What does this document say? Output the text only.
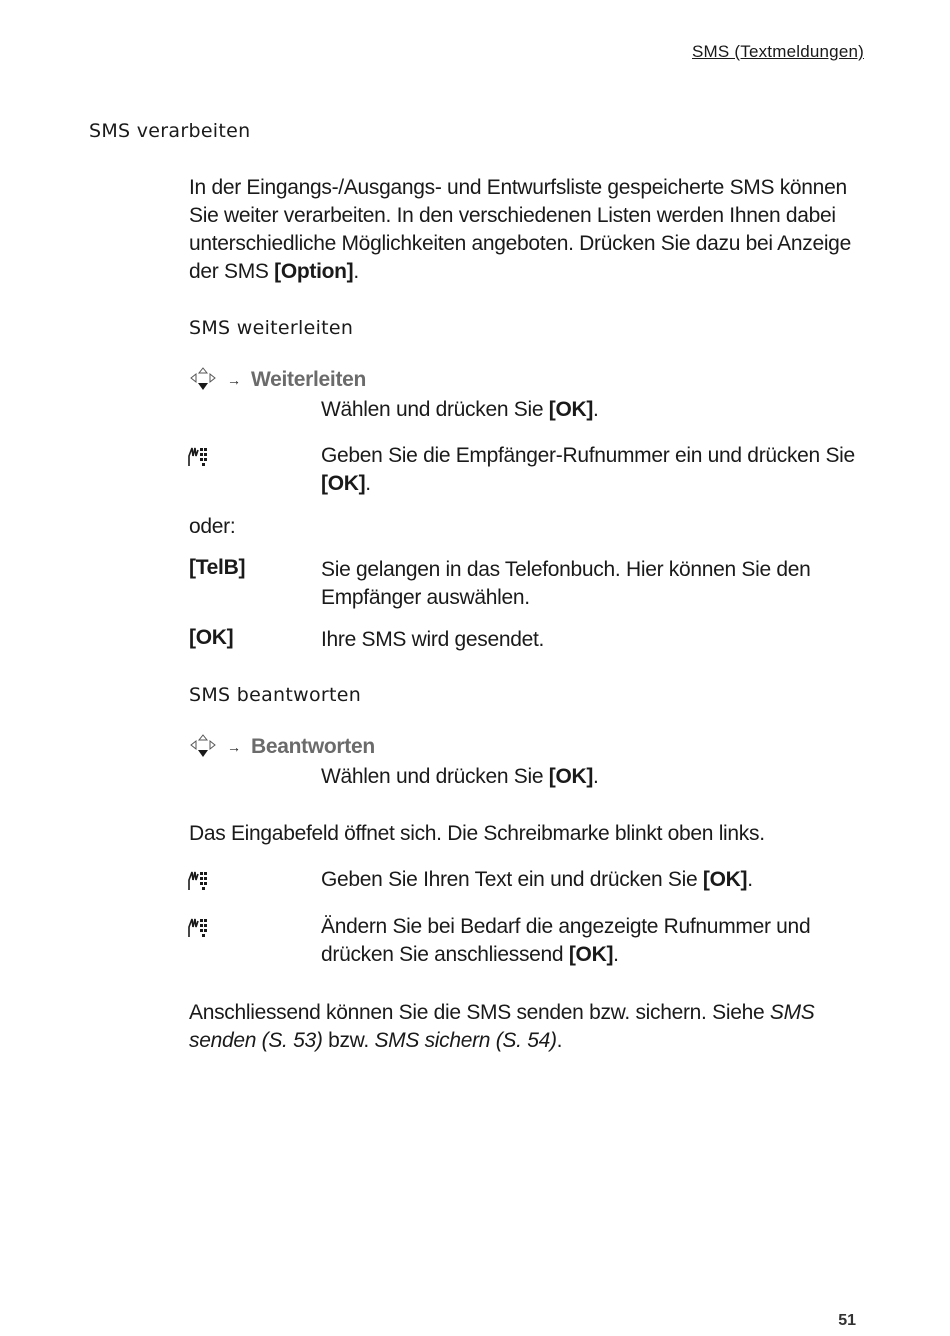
SMS (Textmeldungen)
SMS verarbeiten
In der Eingangs-/Ausgangs- und Entwurfsliste gespeicherte SMS können Sie weiter verarbeiten. In den verschiedenen Listen werden Ihnen dabei unterschiedliche Möglichkeiten angeboten. Drücken Sie dazu bei Anzeige der SMS [Option].
SMS weiterleiten
→ Weiterleiten
Wählen und drücken Sie [OK].
Geben Sie die Empfänger-Rufnummer ein und drücken Sie [OK].
oder:
[TelB]	Sie gelangen in das Telefonbuch. Hier können Sie den Empfänger auswählen.
[OK]	Ihre SMS wird gesendet.
SMS beantworten
→ Beantworten
Wählen und drücken Sie [OK].
Das Eingabefeld öffnet sich. Die Schreibmarke blinkt oben links.
Geben Sie Ihren Text ein und drücken Sie [OK].
Ändern Sie bei Bedarf die angezeigte Rufnummer und drücken Sie anschliessend [OK].
Anschliessend können Sie die SMS senden bzw. sichern. Siehe SMS senden (S. 53) bzw. SMS sichern (S. 54).
51
